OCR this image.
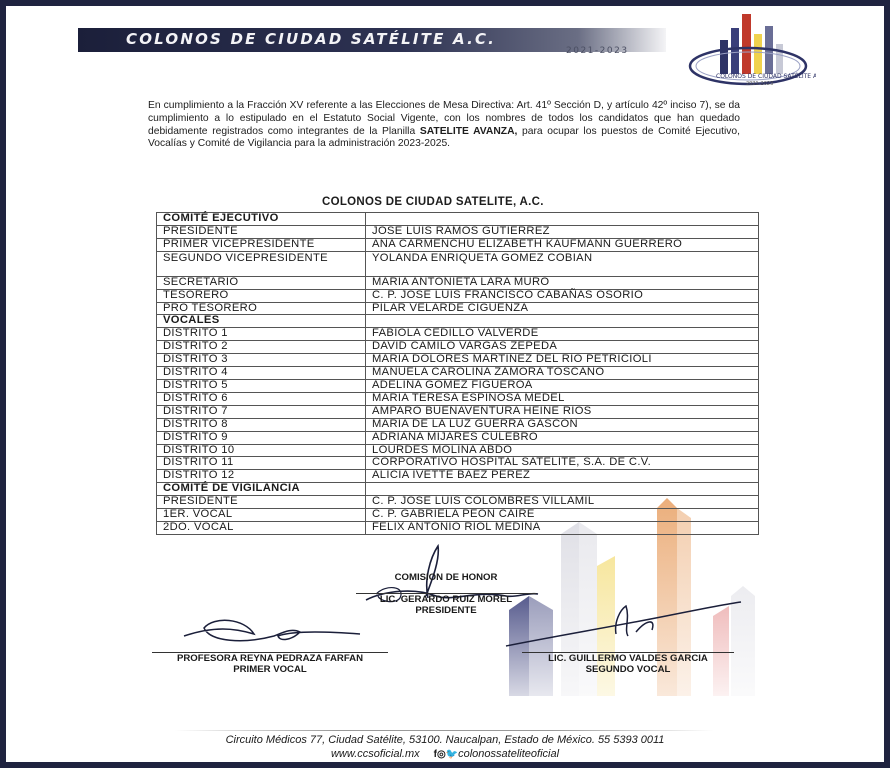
COLONOS DE CIUDAD SATÉLITE A.C.
2021-2023
COLONOS DE CIUDAD SATÉLITE A.C.
2021-2023
En cumplimiento a la Fracción XV referente a las Elecciones de Mesa Directiva: Art. 41º Sección D, y artículo 42º inciso 7), se da cumplimiento a lo estipulado en el Estatuto Social Vigente, con los nombres de todos los candidatos que han quedado debidamente registrados como integrantes de la Planilla SATELITE AVANZA, para ocupar los puestos de Comité Ejecutivo, Vocalías y Comité de Vigilancia para la administración 2023-2025.
COLONOS DE CIUDAD SATELITE, A.C.
COMITÉ EJECUTIVO	
PRESIDENTE	JOSE LUIS RAMOS GUTIERREZ
PRIMER VICEPRESIDENTE	ANA CARMENCHU ELIZABETH KAUFMANN GUERRERO
SEGUNDO VICEPRESIDENTE	YOLANDA ENRIQUETA GOMEZ COBIAN
SECRETARIO	MARIA ANTONIETA LARA MURO
TESORERO	C. P. JOSE LUIS FRANCISCO CABAÑAS OSORIO
PRO TESORERO	PILAR VELARDE CIGUENZA
VOCALES	
DISTRITO 1	FABIOLA CEDILLO VALVERDE
DISTRITO 2	DAVID CAMILO VARGAS ZEPEDA
DISTRITO 3	MARIA DOLORES MARTINEZ DEL RIO PETRICIOLI
DISTRITO 4	MANUELA CAROLINA ZAMORA TOSCANO
DISTRITO 5	ADELINA GOMEZ FIGUEROA
DISTRITO 6	MARIA TERESA ESPINOSA MEDEL
DISTRITO 7	AMPARO BUENAVENTURA HEINE RIOS
DISTRITO 8	MARIA DE LA LUZ GUERRA GASCON
DISTRITO 9	ADRIANA MIJARES CULEBRO
DISTRITO 10	LOURDES MOLINA ABDO
DISTRITO 11	CORPORATIVO HOSPITAL SATELITE, S.A. DE C.V.
DISTRITO 12	ALICIA IVETTE BAEZ PEREZ
COMITÉ DE VIGILANCIA	
PRESIDENTE	C. P. JOSE LUIS COLOMBRES VILLAMIL
1ER. VOCAL	C. P. GABRIELA PEON CAIRE
2DO. VOCAL	FELIX ANTONIO RIOL MEDINA
COMISION DE HONOR
LIC. GERARDO RUIZ MOREL
PRESIDENTE
PROFESORA REYNA PEDRAZA FARFAN
PRIMER VOCAL
LIC. GUILLERMO VALDES GARCIA
SEGUNDO VOCAL
Circuito Médicos 77, Ciudad Satélite, 53100. Naucalpan, Estado de México. 55 5393 0011
www.ccsoficial.mx f◎🐦colonossateliteoficial
